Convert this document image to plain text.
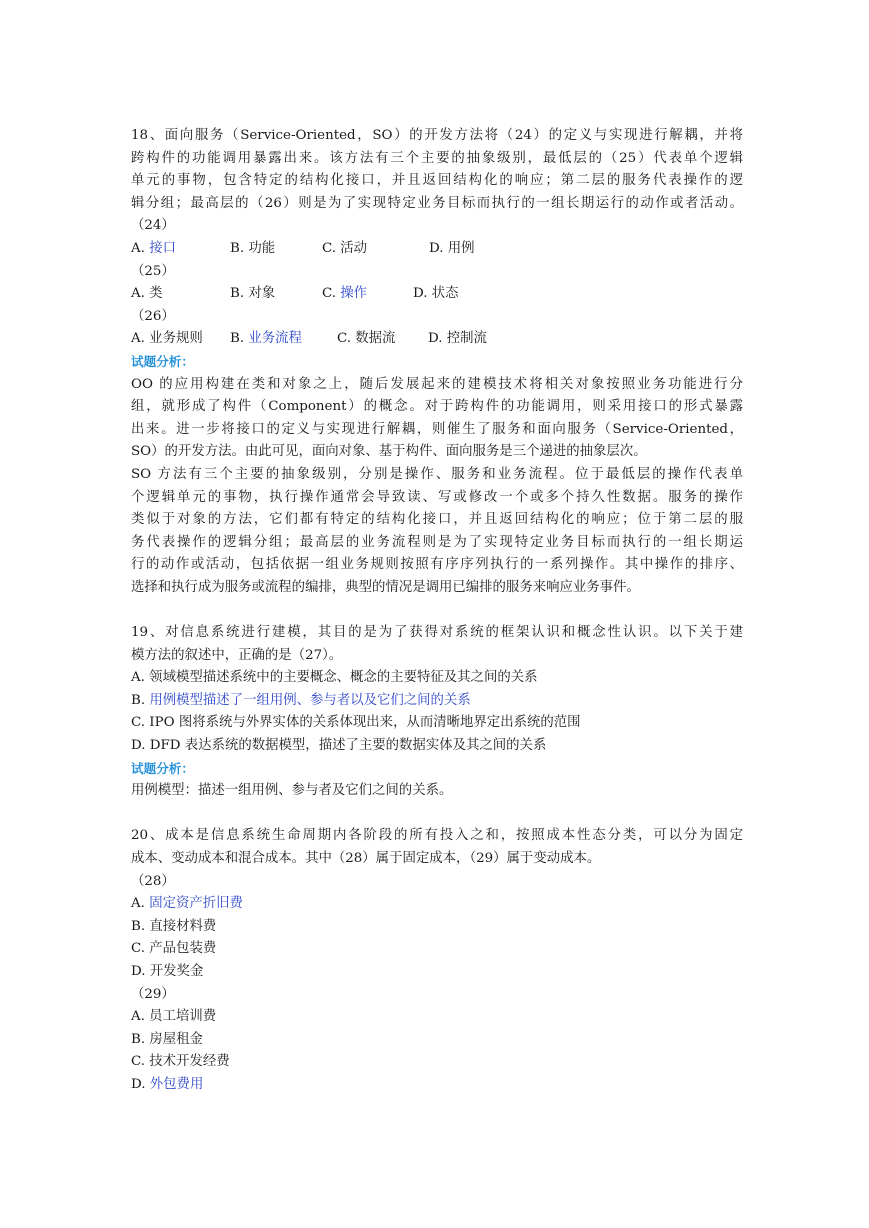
18、面向服务（Service-Oriented，SO）的开发方法将（24）的定义与实现进行解耦，并将
跨构件的功能调用暴露出来。该方法有三个主要的抽象级别，最低层的（25）代表单个逻辑
单元的事物，包含特定的结构化接口，并且返回结构化的响应；第二层的服务代表操作的逻
辑分组；最高层的（26）则是为了实现特定业务目标而执行的一组长期运行的动作或者活动。
（24）
A. 接口	B. 功能	C. 活动	D. 用例
（25）
A. 类	B. 对象	C. 操作	D. 状态
（26）
A. 业务规则	B. 业务流程	C. 数据流	D. 控制流
试题分析：
OO 的应用构建在类和对象之上，随后发展起来的建模技术将相关对象按照业务功能进行分
组，就形成了构件（Component）的概念。对于跨构件的功能调用，则采用接口的形式暴露
出来。进一步将接口的定义与实现进行解耦，则催生了服务和面向服务（Service-Oriented，
SO）的开发方法。由此可见，面向对象、基于构件、面向服务是三个递进的抽象层次。
SO 方法有三个主要的抽象级别，分别是操作、服务和业务流程。位于最低层的操作代表单
个逻辑单元的事物，执行操作通常会导致读、写或修改一个或多个持久性数据。服务的操作
类似于对象的方法，它们都有特定的结构化接口，并且返回结构化的响应；位于第二层的服
务代表操作的逻辑分组；最高层的业务流程则是为了实现特定业务目标而执行的一组长期运
行的动作或活动，包括依据一组业务规则按照有序序列执行的一系列操作。其中操作的排序、
选择和执行成为服务或流程的编排，典型的情况是调用已编排的服务来响应业务事件。
19、对信息系统进行建模，其目的是为了获得对系统的框架认识和概念性认识。以下关于建
模方法的叙述中，正确的是（27）。
A. 领域模型描述系统中的主要概念、概念的主要特征及其之间的关系
B. 用例模型描述了一组用例、参与者以及它们之间的关系
C. IPO 图将系统与外界实体的关系体现出来，从而清晰地界定出系统的范围
D. DFD 表达系统的数据模型，描述了主要的数据实体及其之间的关系
试题分析：
用例模型：描述一组用例、参与者及它们之间的关系。
20、成本是信息系统生命周期内各阶段的所有投入之和，按照成本性态分类，可以分为固定
成本、变动成本和混合成本。其中（28）属于固定成本，（29）属于变动成本。
（28）
A. 固定资产折旧费
B. 直接材料费
C. 产品包装费
D. 开发奖金
（29）
A. 员工培训费
B. 房屋租金
C. 技术开发经费
D. 外包费用
